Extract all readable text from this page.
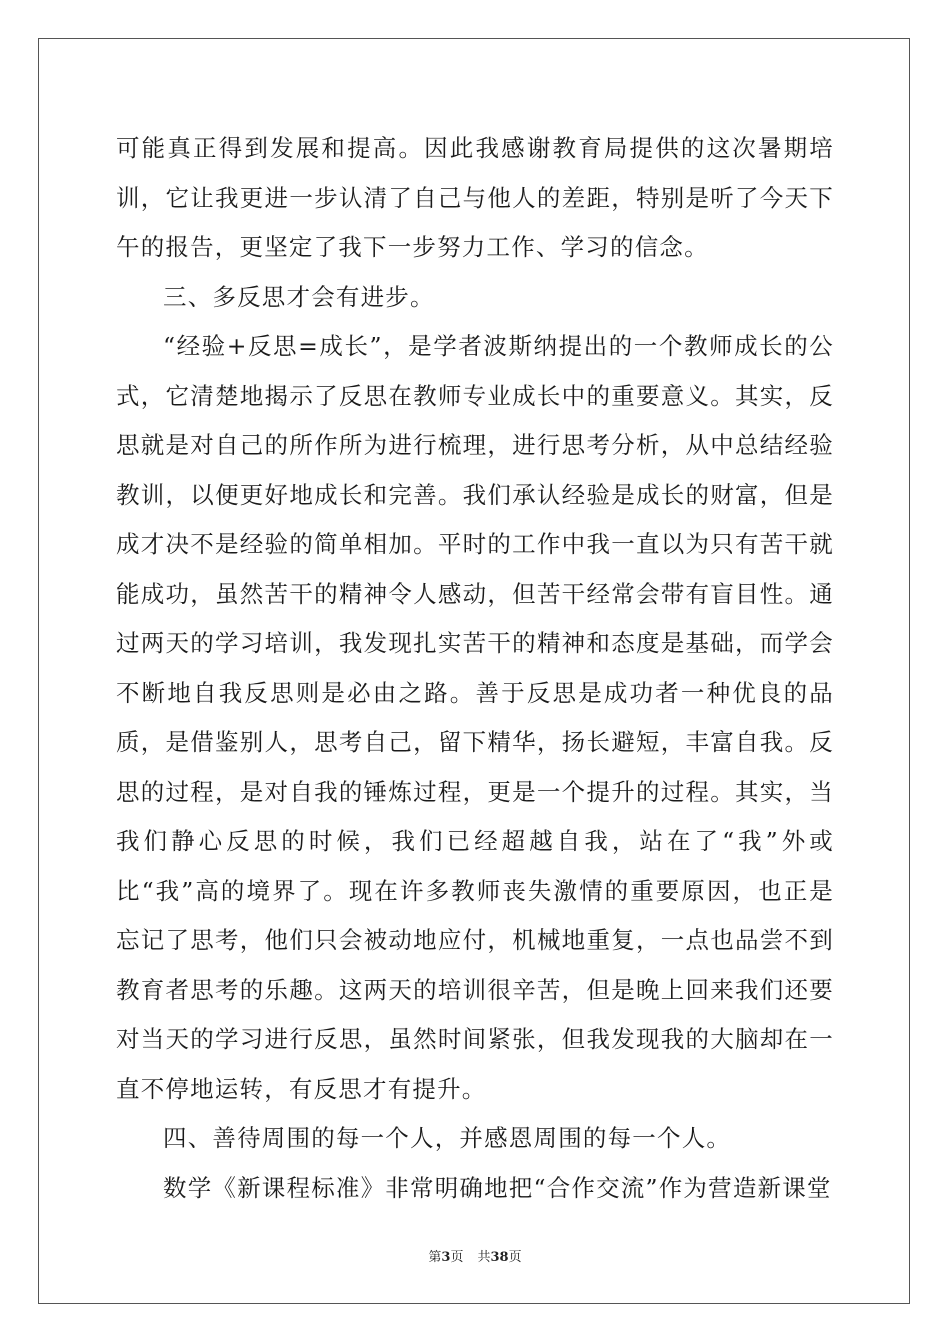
可能真正得到发展和提高。因此我感谢教育局提供的这次暑期培训，它让我更进一步认清了自己与他人的差距，特别是听了今天下午的报告，更坚定了我下一步努力工作、学习的信念。

三、多反思才会有进步。

“经验+反思=成长”，是学者波斯纳提出的一个教师成长的公式，它清楚地揭示了反思在教师专业成长中的重要意义。其实，反思就是对自己的所作所为进行梳理，进行思考分析，从中总结经验教训，以便更好地成长和完善。我们承认经验是成长的财富，但是成才决不是经验的简单相加。平时的工作中我一直以为只有苦干就能成功，虽然苦干的精神令人感动，但苦干经常会带有盲目性。通过两天的学习培训，我发现扎实苦干的精神和态度是基础，而学会不断地自我反思则是必由之路。善于反思是成功者一种优良的品质，是借鉴别人，思考自己，留下精华，扬长避短，丰富自我。反思的过程，是对自我的锤炼过程，更是一个提升的过程。其实，当我们静心反思的时候，我们已经超越自我，站在了“我”外或比“我”高的境界了。现在许多教师丧失激情的重要原因，也正是忘记了思考，他们只会被动地应付，机械地重复，一点也品尝不到教育者思考的乐趣。这两天的培训很辛苦，但是晚上回来我们还要对当天的学习进行反思，虽然时间紧张，但我发现我的大脑却在一直不停地运转，有反思才有提升。

四、善待周围的每一个人，并感恩周围的每一个人。

数学《新课程标准》非常明确地把“合作交流”作为营造新课堂

第3页 共38页
